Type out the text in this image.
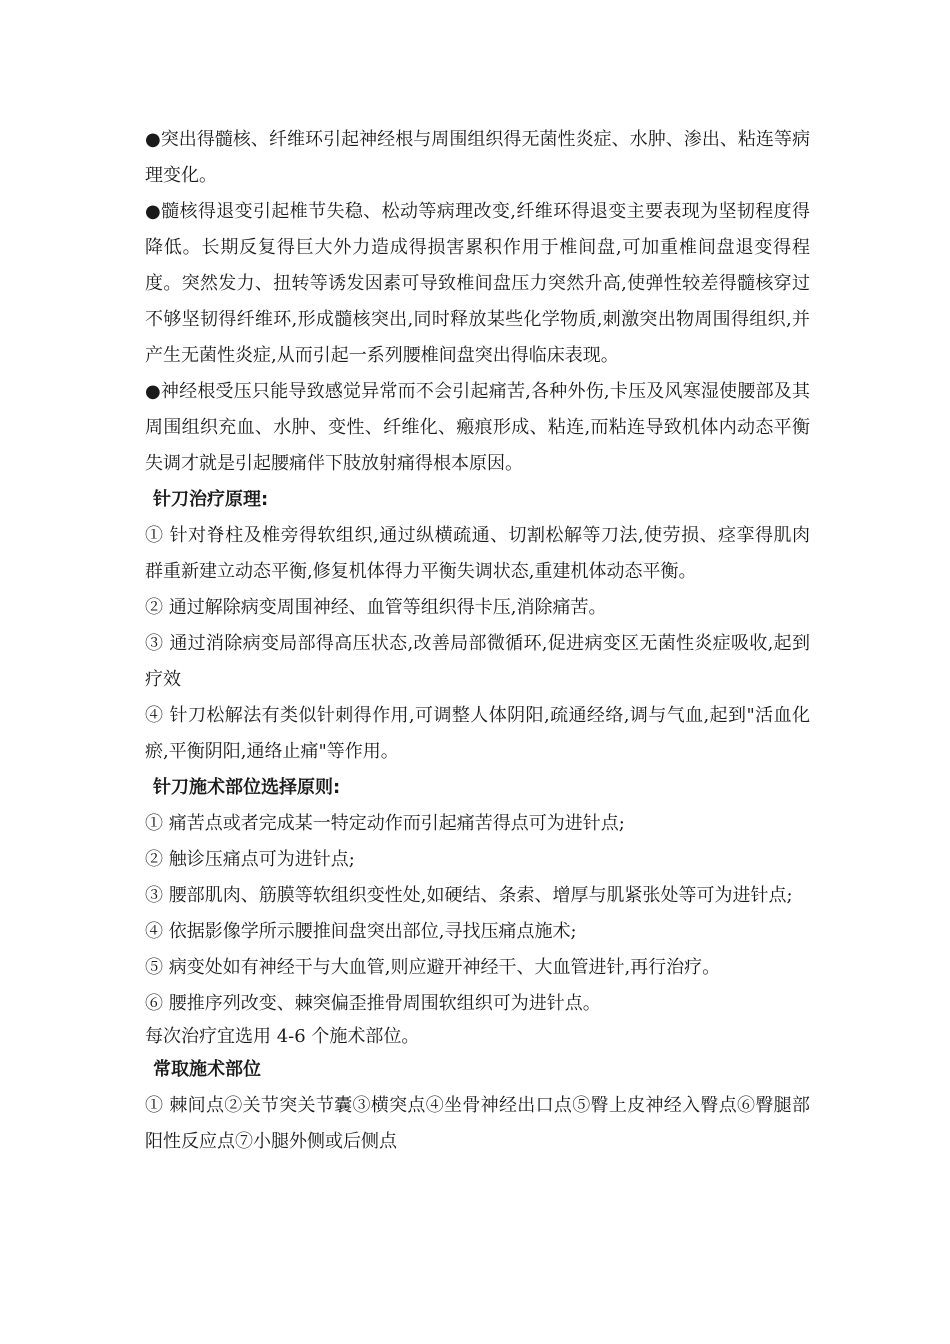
●突出得髓核、纤维环引起神经根与周围组织得无菌性炎症、水肿、渗出、粘连等病理变化。

●髓核得退变引起椎节失稳、松动等病理改变,纤维环得退变主要表现为坚韧程度得降低。长期反复得巨大外力造成得损害累积作用于椎间盘,可加重椎间盘退变得程度。突然发力、扭转等诱发因素可导致椎间盘压力突然升高,使弹性较差得髓核穿过不够坚韧得纤维环,形成髓核突出,同时释放某些化学物质,刺激突出物周围得组织,并产生无菌性炎症,从而引起一系列腰椎间盘突出得临床表现。

●神经根受压只能导致感觉异常而不会引起痛苦,各种外伤,卡压及风寒湿使腰部及其周围组织充血、水肿、变性、纤维化、瘢痕形成、粘连,而粘连导致机体内动态平衡失调才就是引起腰痛伴下肢放射痛得根本原因。

针刀治疗原理:

① 针对脊柱及椎旁得软组织,通过纵横疏通、切割松解等刀法,使劳损、痉挛得肌肉群重新建立动态平衡,修复机体得力平衡失调状态,重建机体动态平衡。

② 通过解除病变周围神经、血管等组织得卡压,消除痛苦。

③ 通过消除病变局部得高压状态,改善局部微循环,促进病变区无菌性炎症吸收,起到疗效

④ 针刀松解法有类似针刺得作用,可调整人体阴阳,疏通经络,调与气血,起到"活血化瘀,平衡阴阳,通络止痛"等作用。

针刀施术部位选择原则:

① 痛苦点或者完成某一特定动作而引起痛苦得点可为进针点;

② 触诊压痛点可为进针点;

③ 腰部肌肉、筋膜等软组织变性处,如硬结、条索、增厚与肌紧张处等可为进针点;

④ 依据影像学所示腰推间盘突出部位,寻找压痛点施术;

⑤ 病变处如有神经干与大血管,则应避开神经干、大血管进针,再行治疗。

⑥ 腰推序列改变、棘突偏歪推骨周围软组织可为进针点。

每次治疗宜选用 4-6 个施术部位。

常取施术部位

① 棘间点②关节突关节囊③横突点④坐骨神经出口点⑤臀上皮神经入臀点⑥臀腿部阳性反应点⑦小腿外侧或后侧点
